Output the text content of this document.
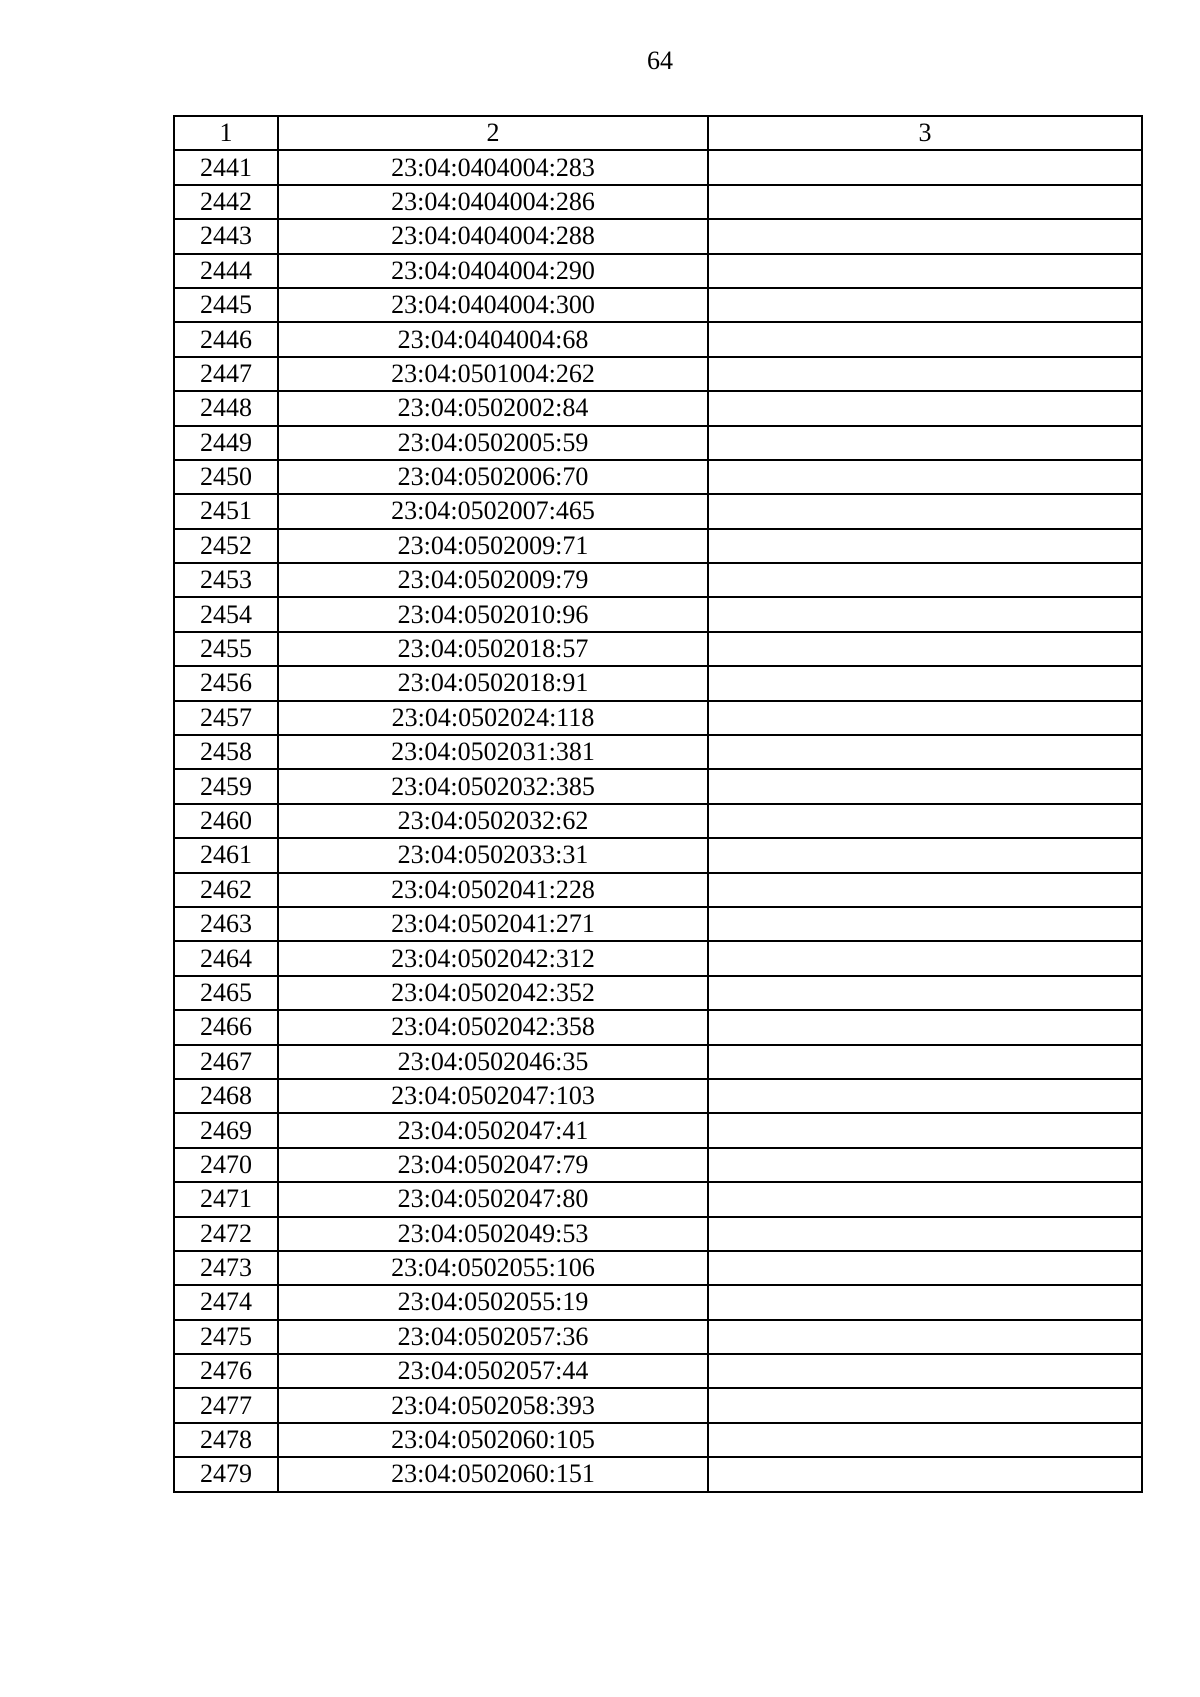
64
1	2	3
2441	23:04:0404004:283	
2442	23:04:0404004:286	
2443	23:04:0404004:288	
2444	23:04:0404004:290	
2445	23:04:0404004:300	
2446	23:04:0404004:68	
2447	23:04:0501004:262	
2448	23:04:0502002:84	
2449	23:04:0502005:59	
2450	23:04:0502006:70	
2451	23:04:0502007:465	
2452	23:04:0502009:71	
2453	23:04:0502009:79	
2454	23:04:0502010:96	
2455	23:04:0502018:57	
2456	23:04:0502018:91	
2457	23:04:0502024:118	
2458	23:04:0502031:381	
2459	23:04:0502032:385	
2460	23:04:0502032:62	
2461	23:04:0502033:31	
2462	23:04:0502041:228	
2463	23:04:0502041:271	
2464	23:04:0502042:312	
2465	23:04:0502042:352	
2466	23:04:0502042:358	
2467	23:04:0502046:35	
2468	23:04:0502047:103	
2469	23:04:0502047:41	
2470	23:04:0502047:79	
2471	23:04:0502047:80	
2472	23:04:0502049:53	
2473	23:04:0502055:106	
2474	23:04:0502055:19	
2475	23:04:0502057:36	
2476	23:04:0502057:44	
2477	23:04:0502058:393	
2478	23:04:0502060:105	
2479	23:04:0502060:151	
